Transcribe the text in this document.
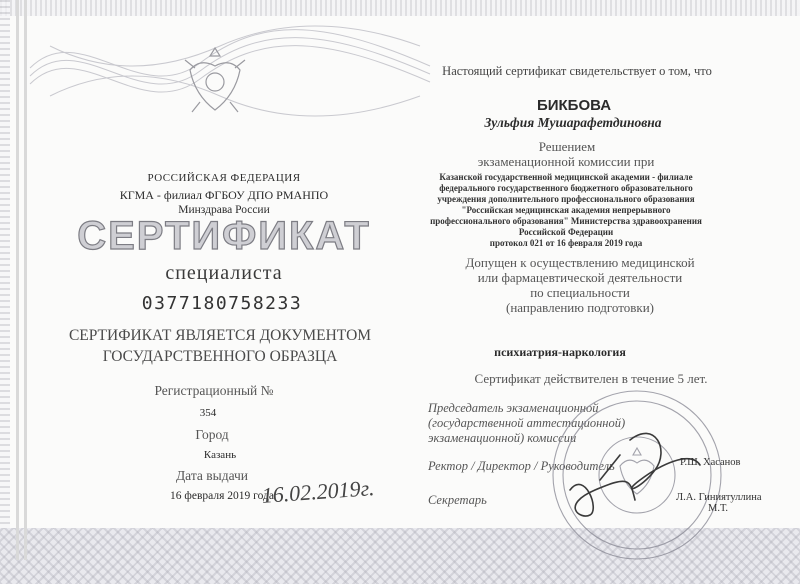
РОССИЙСКАЯ ФЕДЕРАЦИЯ

КГМА - филиал ФГБОУ ДПО РМАНПО

Минздрава России

СЕРТИФИКАТ

специалиста

0377180758233

СЕРТИФИКАТ ЯВЛЯЕТСЯ ДОКУМЕНТОМ

ГОСУДАРСТВЕННОГО ОБРАЗЦА

Регистрационный №

354

Город

Казань

Дата выдачи

16 февраля 2019 года

16.02.2019г.

Настоящий сертификат свидетельствует о том, что

БИКБОВА

Зульфия Мушарафетдиновна

Решением

экзаменационной комиссии при

Казанской государственной медицинской академии - филиале

федерального государственного бюджетного образовательного

учреждения дополнительного профессионального образования

"Российская медицинская академия непрерывного

профессионального образования" Министерства здравоохранения

Российской Федерации

протокол 021 от 16 февраля 2019 года

Допущен к осуществлению медицинской

или фармацевтической деятельности

по специальности

(направлению подготовки)

психиатрия-наркология

Сертификат действителен в течение 5 лет.

Председатель экзаменационной

(государственной аттестационной)

экзаменационной) комиссии

Ректор / Директор / Руководитель

Секретарь

Р.Ш. Хасанов
Л.А. Гиниятуллина
М.Т.
